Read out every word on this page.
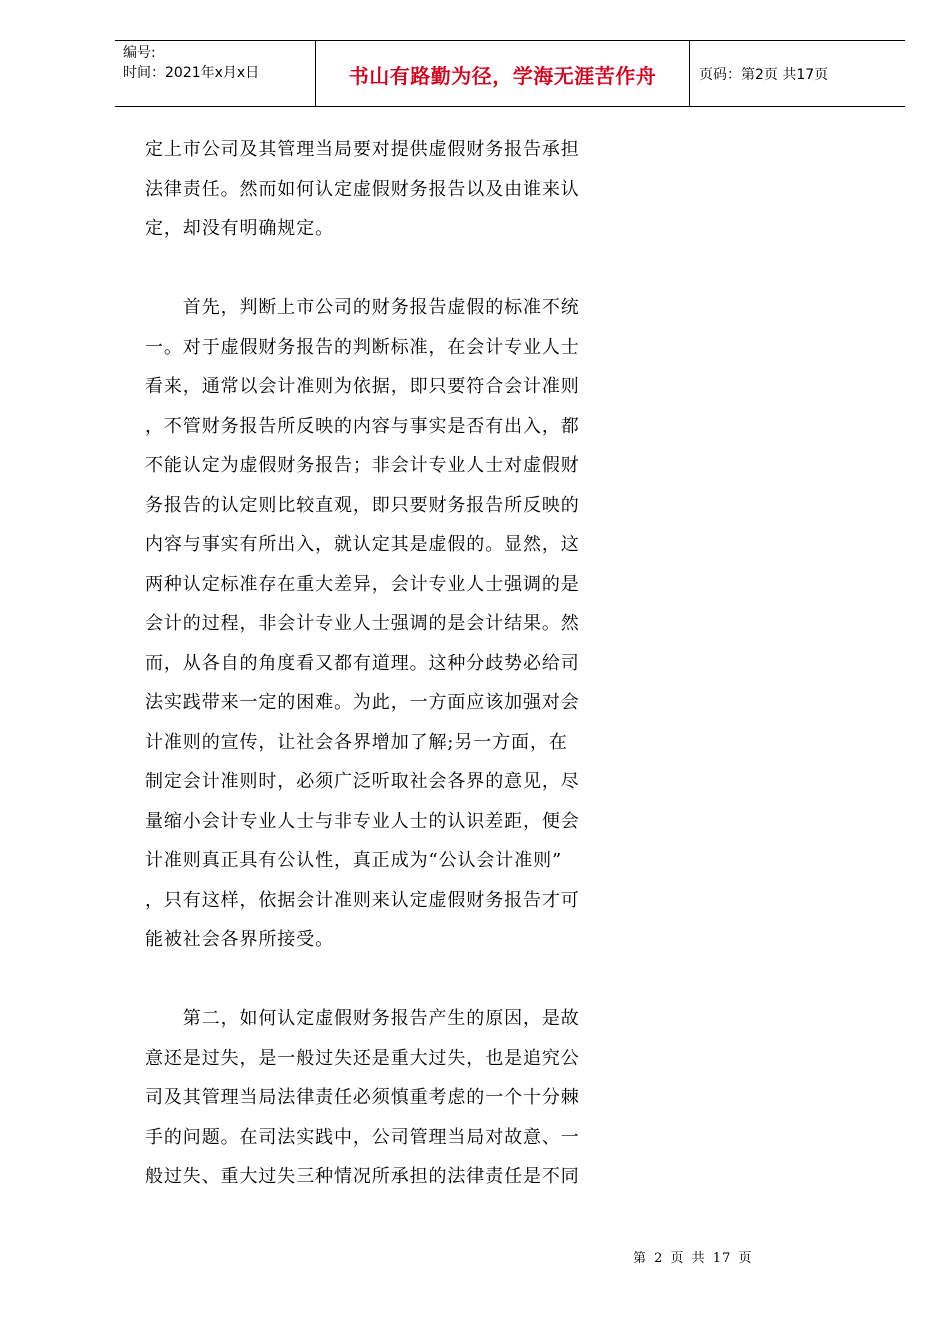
编号:
时间：2021年x月x日	书山有路勤为径，学海无涯苦作舟	页码：第2页 共17页

定上市公司及其管理当局要对提供虚假财务报告承担
法律责任。然而如何认定虚假财务报告以及由谁来认
定，却没有明确规定。

　　首先，判断上市公司的财务报告虚假的标准不统
一。对于虚假财务报告的判断标准，在会计专业人士
看来，通常以会计准则为依据，即只要符合会计准则
，不管财务报告所反映的内容与事实是否有出入，都
不能认定为虚假财务报告；非会计专业人士对虚假财
务报告的认定则比较直观，即只要财务报告所反映的
内容与事实有所出入，就认定其是虚假的。显然，这
两种认定标准存在重大差异，会计专业人士强调的是
会计的过程，非会计专业人士强调的是会计结果。然
而，从各自的角度看又都有道理。这种分歧势必给司
法实践带来一定的困难。为此，一方面应该加强对会
计准则的宣传，让社会各界增加了解;另一方面，在
制定会计准则时，必须广泛听取社会各界的意见，尽
量缩小会计专业人士与非专业人士的认识差距，便会
计准则真正具有公认性，真正成为“公认会计准则”
，只有这样，依据会计准则来认定虚假财务报告才可
能被社会各界所接受。

　　第二，如何认定虚假财务报告产生的原因，是故
意还是过失，是一般过失还是重大过失，也是追究公
司及其管理当局法律责任必须慎重考虑的一个十分棘
手的问题。在司法实践中，公司管理当局对故意、一
般过失、重大过失三种情况所承担的法律责任是不同

第 2 页 共 17 页
